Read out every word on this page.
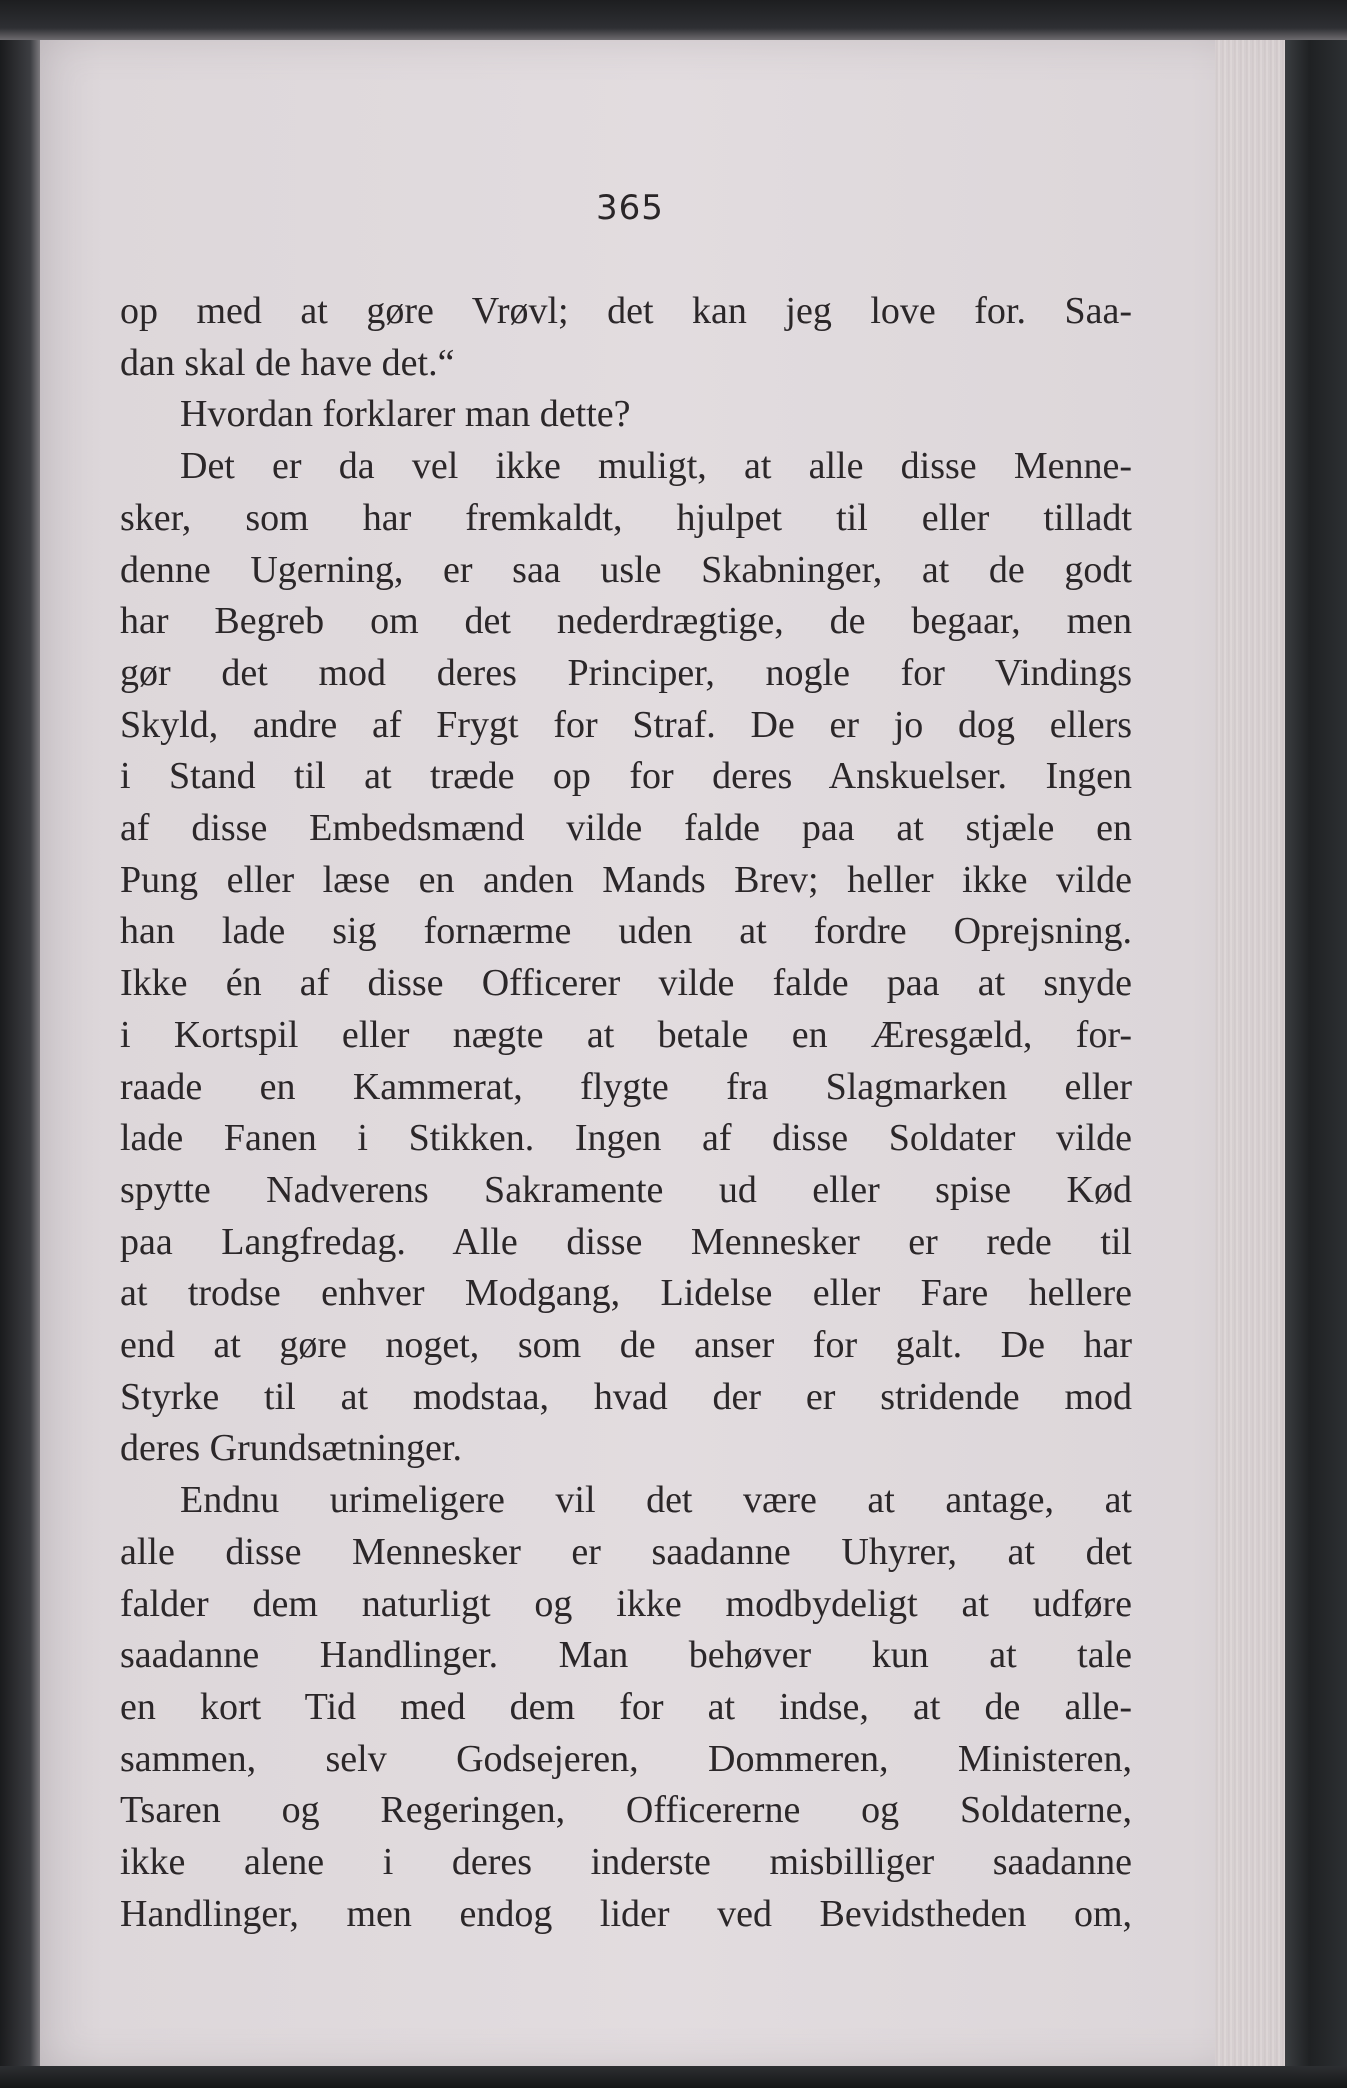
365
op med at gøre Vrøvl; det kan jeg love for. Saa-
dan skal de have det.“
Hvordan forklarer man dette?
Det er da vel ikke muligt, at alle disse Menne-
sker, som har fremkaldt, hjulpet til eller tilladt
denne Ugerning, er saa usle Skabninger, at de godt
har Begreb om det nederdrægtige, de begaar, men
gør det mod deres Principer, nogle for Vindings
Skyld, andre af Frygt for Straf. De er jo dog ellers
i Stand til at træde op for deres Anskuelser. Ingen
af disse Embedsmænd vilde falde paa at stjæle en
Pung eller læse en anden Mands Brev; heller ikke vilde
han lade sig fornærme uden at fordre Oprejsning.
Ikke én af disse Officerer vilde falde paa at snyde
i Kortspil eller nægte at betale en Æresgæld, for-
raade en Kammerat, flygte fra Slagmarken eller
lade Fanen i Stikken. Ingen af disse Soldater vilde
spytte Nadverens Sakramente ud eller spise Kød
paa Langfredag. Alle disse Mennesker er rede til
at trodse enhver Modgang, Lidelse eller Fare hellere
end at gøre noget, som de anser for galt. De har
Styrke til at modstaa, hvad der er stridende mod
deres Grundsætninger.
Endnu urimeligere vil det være at antage, at
alle disse Mennesker er saadanne Uhyrer, at det
falder dem naturligt og ikke modbydeligt at udføre
saadanne Handlinger. Man behøver kun at tale
en kort Tid med dem for at indse, at de alle-
sammen, selv Godsejeren, Dommeren, Ministeren,
Tsaren og Regeringen, Officererne og Soldaterne,
ikke alene i deres inderste misbilliger saadanne
Handlinger, men endog lider ved Bevidstheden om,
